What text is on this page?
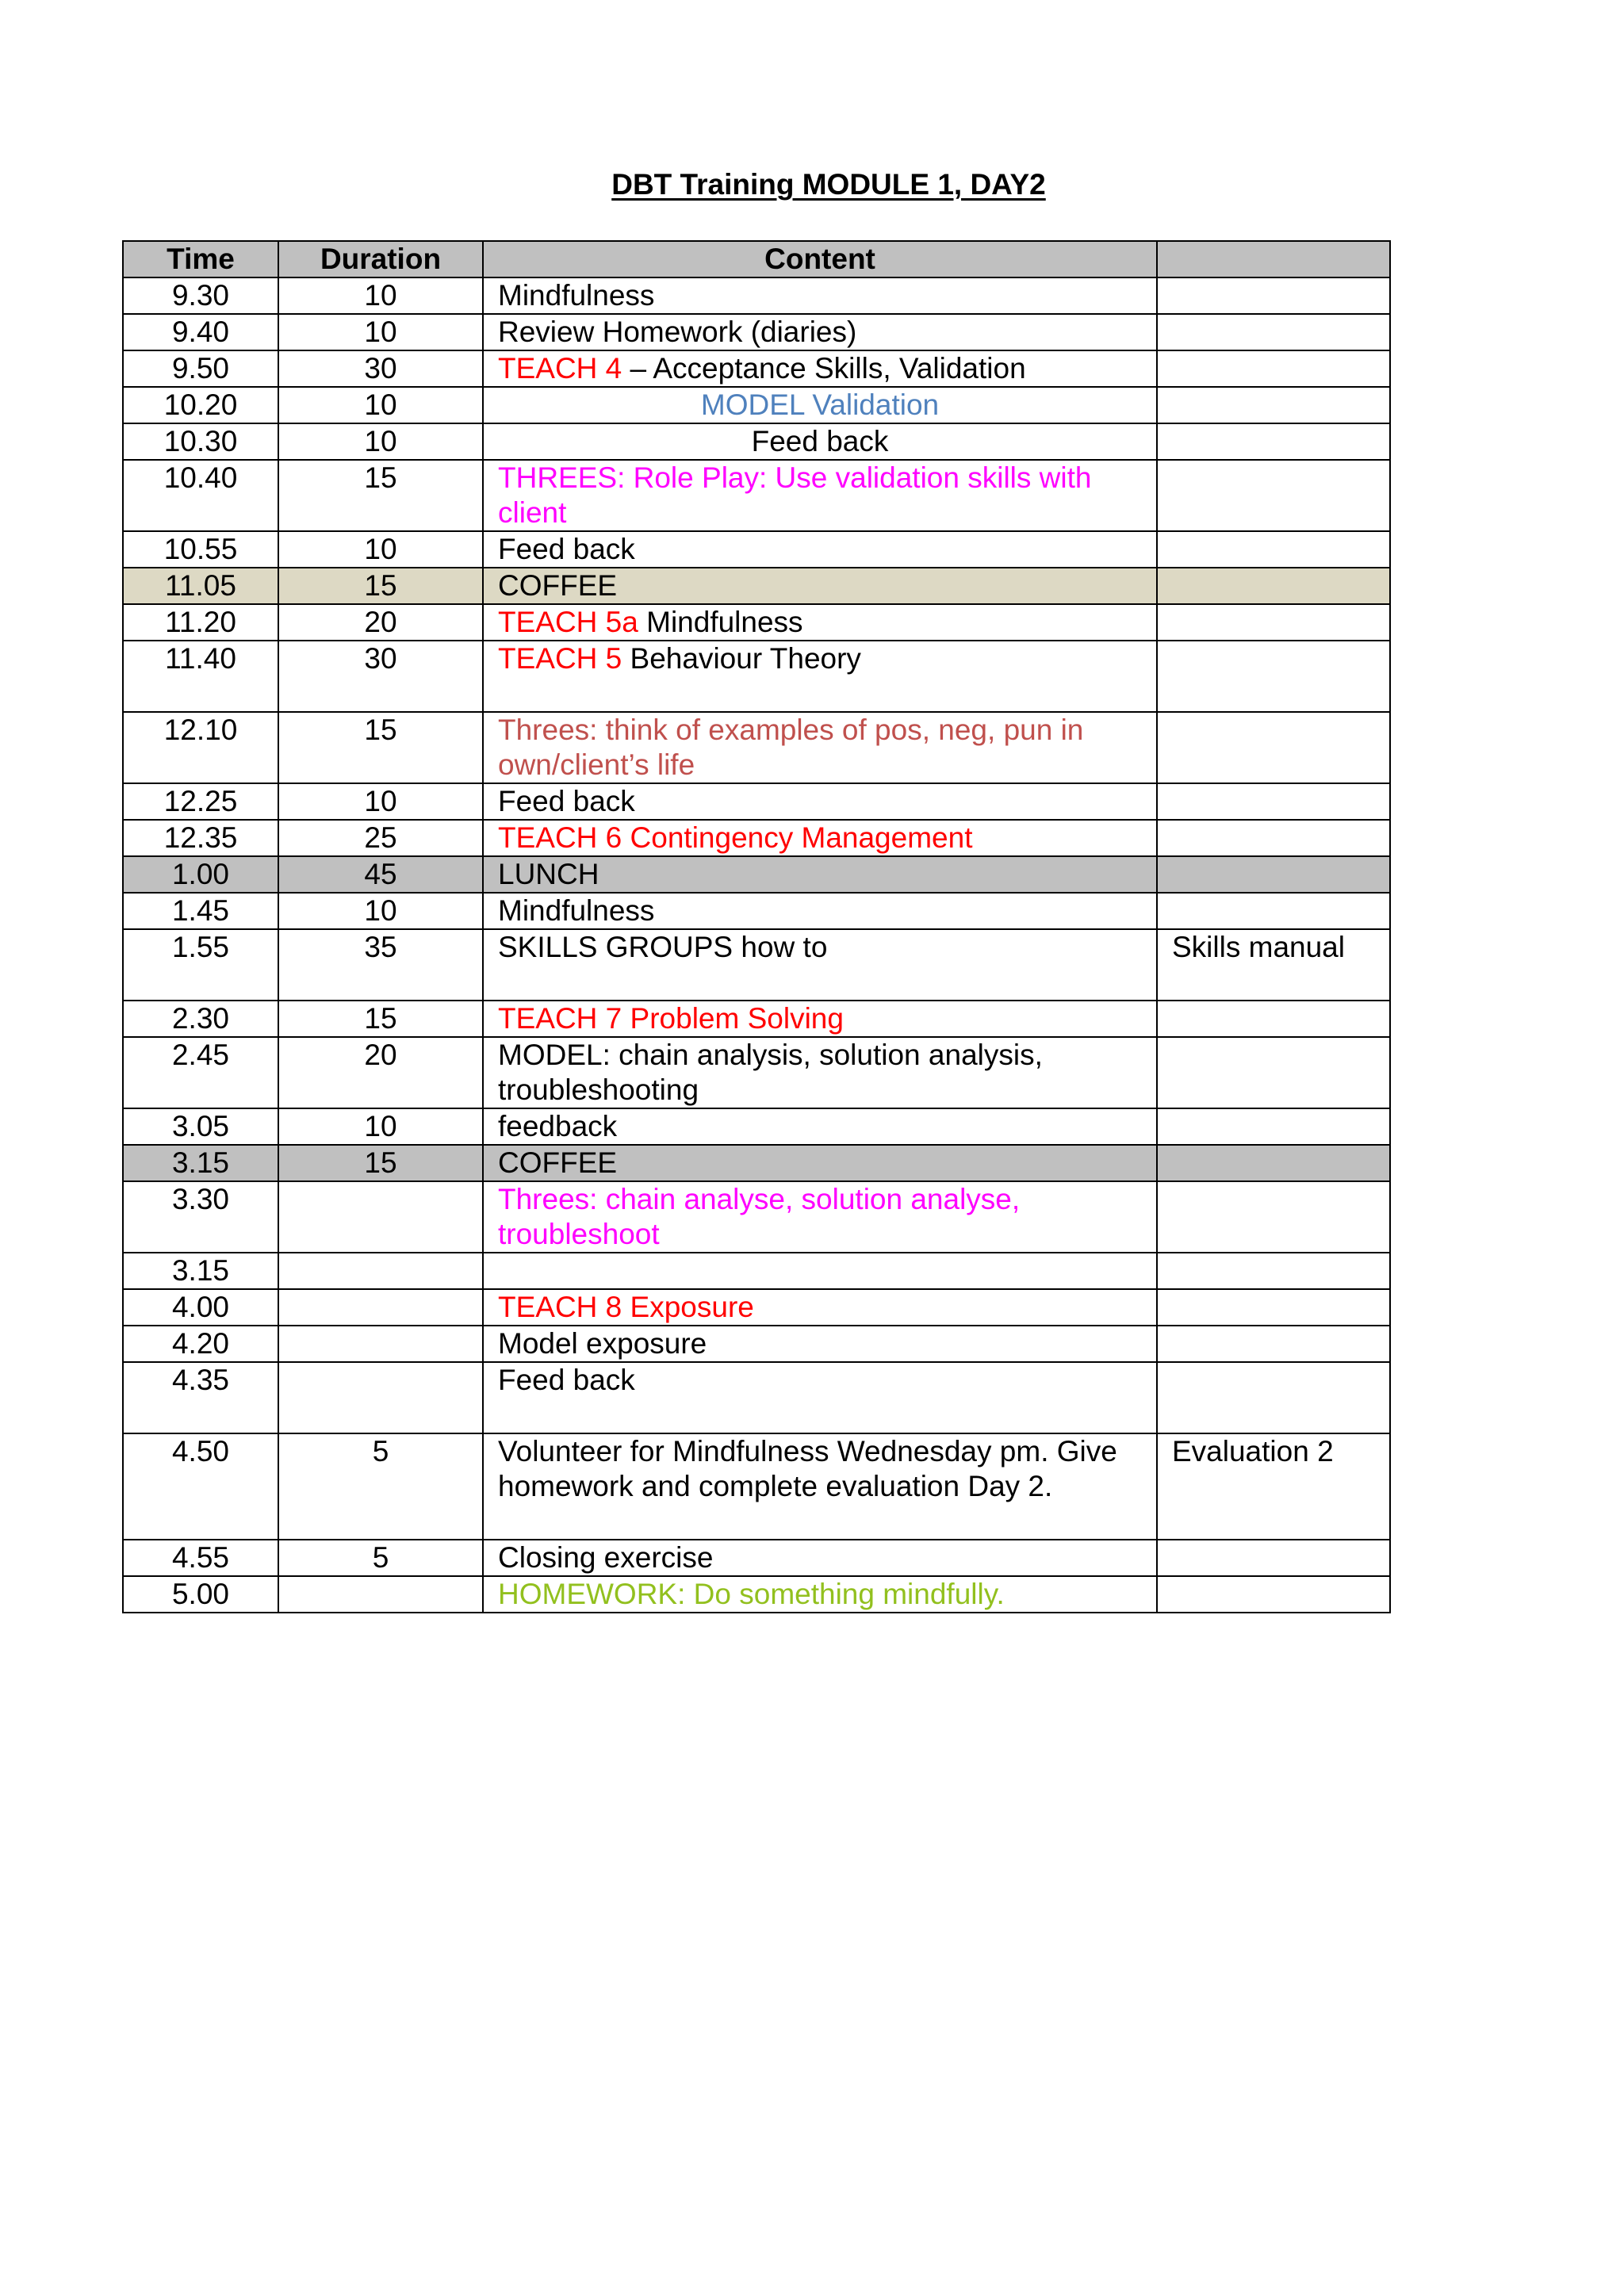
DBT Training MODULE 1, DAY2
Time	Duration	Content	
9.30	10	Mindfulness	
9.40	10	Review Homework (diaries)	
9.50	30	TEACH 4 – Acceptance Skills, Validation	
10.20	10	MODEL Validation	
10.30	10	Feed back	
10.40	15	THREES: Role Play: Use validation skills with client	
10.55	10	Feed back	
11.05	15	COFFEE	
11.20	20	TEACH 5a Mindfulness	
11.40	30	TEACH 5 Behaviour Theory	
12.10	15	Threes: think of examples of pos, neg, pun in own/client’s life	
12.25	10	Feed back	
12.35	25	TEACH 6 Contingency Management	
1.00	45	LUNCH	
1.45	10	Mindfulness	
1.55	35	SKILLS GROUPS how to	Skills manual
2.30	15	TEACH 7 Problem Solving	
2.45	20	MODEL: chain analysis, solution analysis, troubleshooting	
3.05	10	feedback	
3.15	15	COFFEE	
3.30		Threes: chain analyse, solution analyse, troubleshoot	
3.15			
4.00		TEACH 8 Exposure	
4.20		Model exposure	
4.35		Feed back	
4.50	5	Volunteer for Mindfulness Wednesday pm. Give homework and complete evaluation Day 2.	Evaluation 2
4.55	5	Closing exercise	
5.00		HOMEWORK: Do something mindfully.	
